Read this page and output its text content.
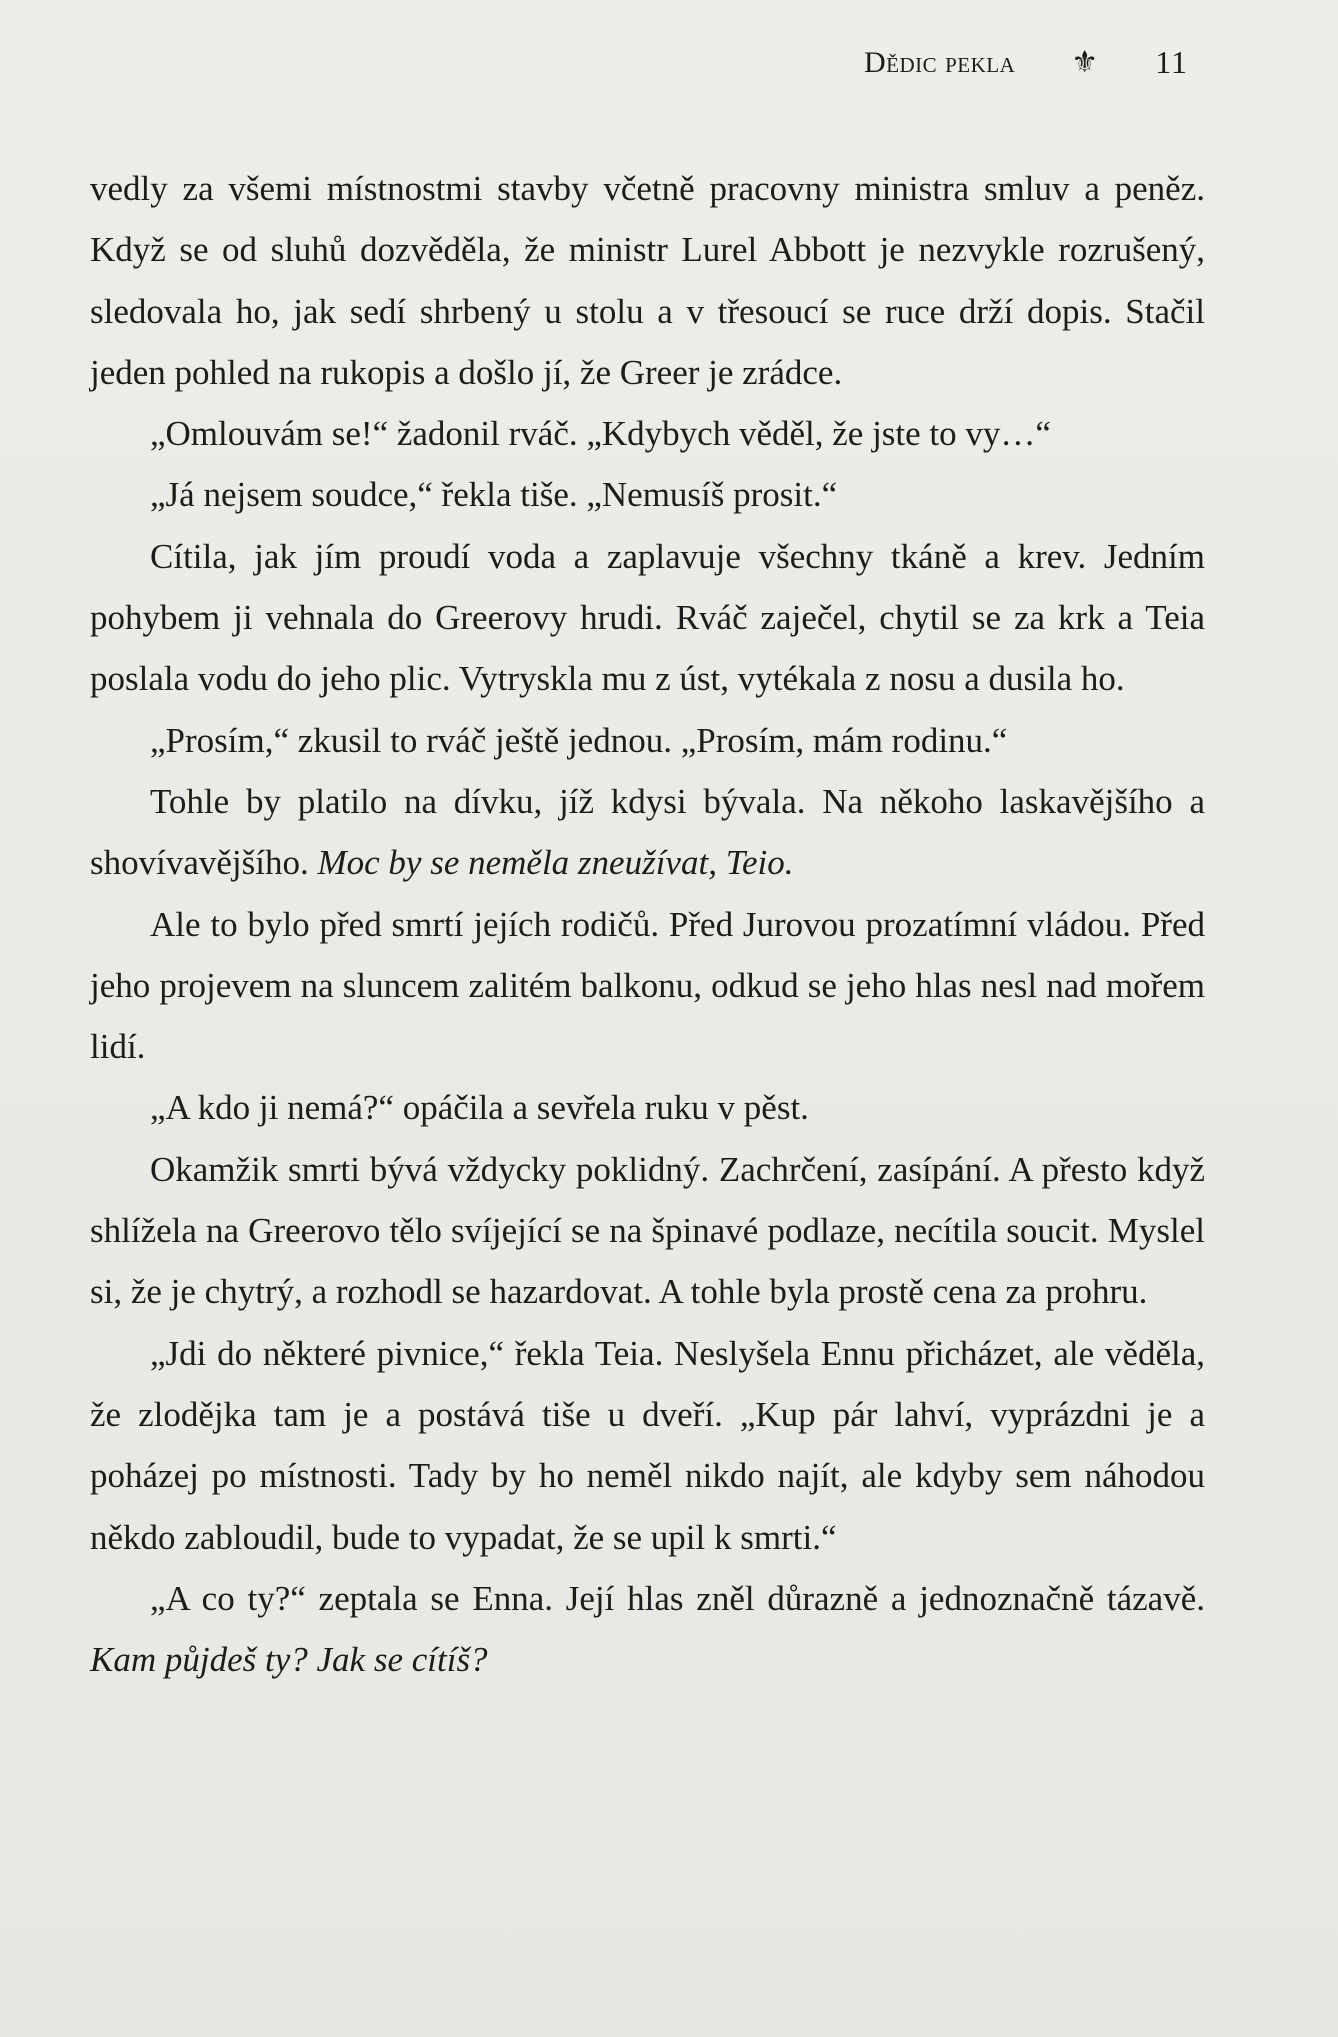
Dědic pekla ⚜ 11

vedly za všemi místnostmi stavby včetně pracovny ministra smluv a peněz. Když se od sluhů dozvěděla, že ministr Lurel Abbott je nezvykle rozrušený, sledovala ho, jak sedí shrbený u stolu a v třesoucí se ruce drží dopis. Stačil jeden pohled na rukopis a došlo jí, že Greer je zrádce.

„Omlouvám se!“ žadonil rváč. „Kdybych věděl, že jste to vy…“

„Já nejsem soudce,“ řekla tiše. „Nemusíš prosit.“

Cítila, jak jím proudí voda a zaplavuje všechny tkáně a krev. Jedním pohybem ji vehnala do Greerovy hrudi. Rváč zaječel, chytil se za krk a Teia poslala vodu do jeho plic. Vytryskla mu z úst, vytékala z nosu a dusila ho.

„Prosím,“ zkusil to rváč ještě jednou. „Prosím, mám rodinu.“

Tohle by platilo na dívku, jíž kdysi bývala. Na někoho laskavějšího a shovívavějšího. Moc by se neměla zneužívat, Teio.

Ale to bylo před smrtí jejích rodičů. Před Jurovou prozatímní vládou. Před jeho projevem na sluncem zalitém balkonu, odkud se jeho hlas nesl nad mořem lidí.

„A kdo ji nemá?“ opáčila a sevřela ruku v pěst.

Okamžik smrti bývá vždycky poklidný. Zachrčení, zasípání. A přesto když shlížela na Greerovo tělo svíjející se na špinavé podlaze, necítila soucit. Myslel si, že je chytrý, a rozhodl se hazardovat. A tohle byla prostě cena za prohru.

„Jdi do některé pivnice,“ řekla Teia. Neslyšela Ennu přicházet, ale věděla, že zlodějka tam je a postává tiše u dveří. „Kup pár lahví, vyprázdni je a poházej po místnosti. Tady by ho neměl nikdo najít, ale kdyby sem náhodou někdo zabloudil, bude to vypadat, že se upil k smrti.“

„A co ty?“ zeptala se Enna. Její hlas zněl důrazně a jednoznačně tázavě. Kam půjdeš ty? Jak se cítíš?
